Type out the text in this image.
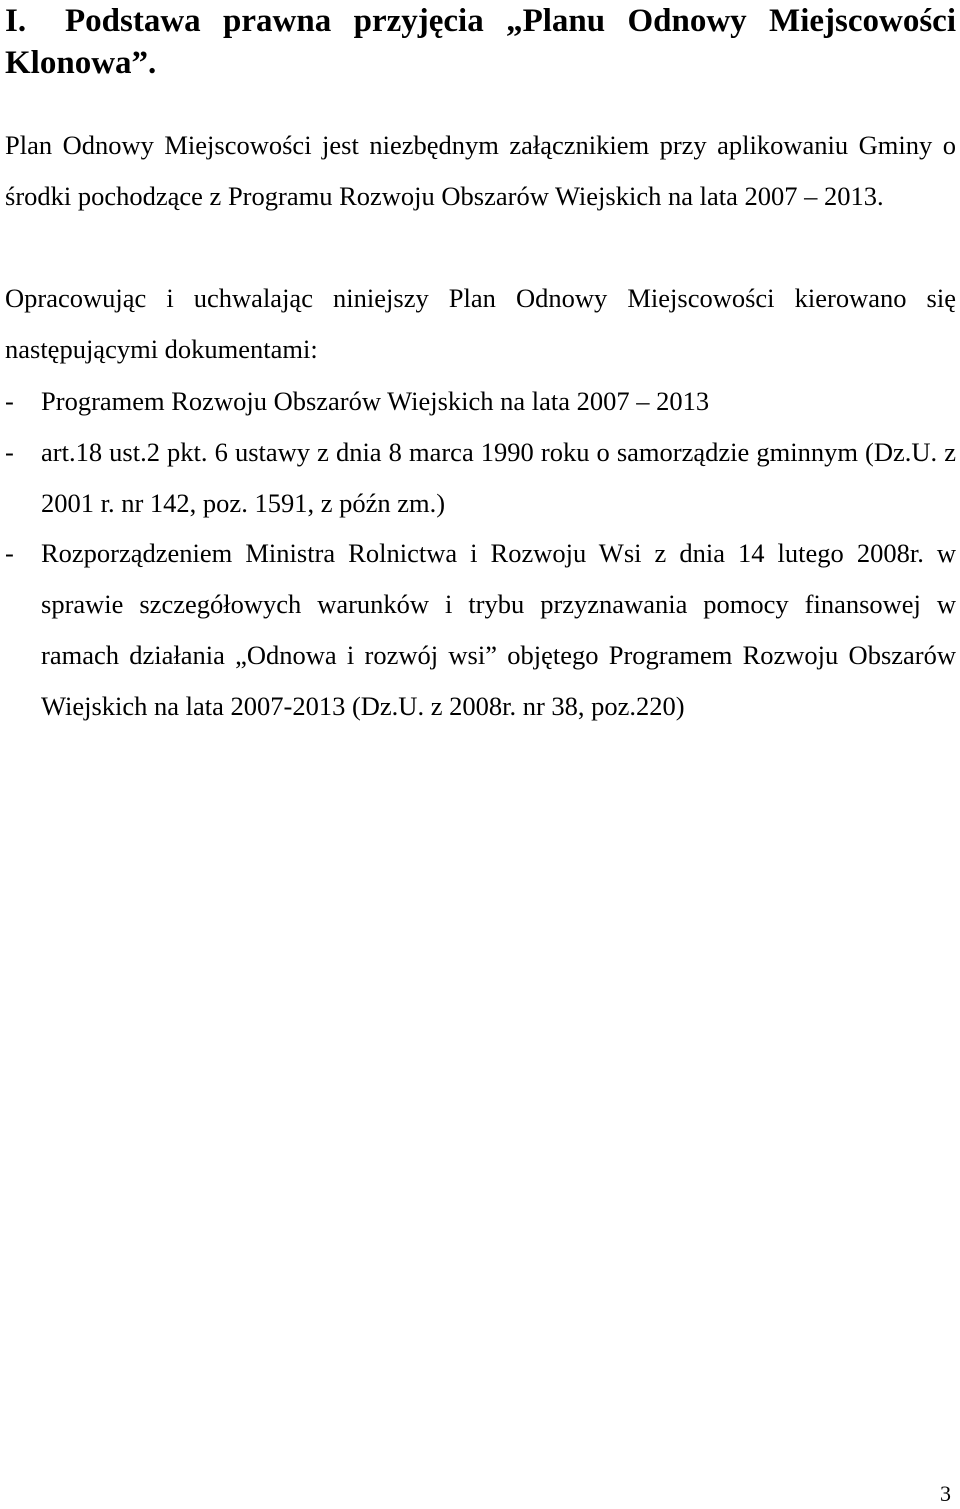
I. Podstawa prawna przyjęcia „Planu Odnowy Miejscowości Klonowa”.

Plan Odnowy Miejscowości jest niezbędnym załącznikiem przy aplikowaniu Gminy o środki pochodzące z Programu Rozwoju Obszarów Wiejskich na lata 2007 – 2013.

Opracowując i uchwalając niniejszy Plan Odnowy Miejscowości kierowano się następującymi dokumentami:

- Programem Rozwoju Obszarów Wiejskich na lata 2007 – 2013
- art.18 ust.2 pkt. 6 ustawy z dnia 8 marca 1990 roku o samorządzie gminnym (Dz.U. z 2001 r. nr 142, poz. 1591, z późn zm.)
- Rozporządzeniem Ministra Rolnictwa i Rozwoju Wsi z dnia 14 lutego 2008r. w sprawie szczegółowych warunków i trybu przyznawania pomocy finansowej w ramach działania „Odnowa i rozwój wsi” objętego Programem Rozwoju Obszarów Wiejskich na lata 2007-2013 (Dz.U. z 2008r. nr 38, poz.220)
3
